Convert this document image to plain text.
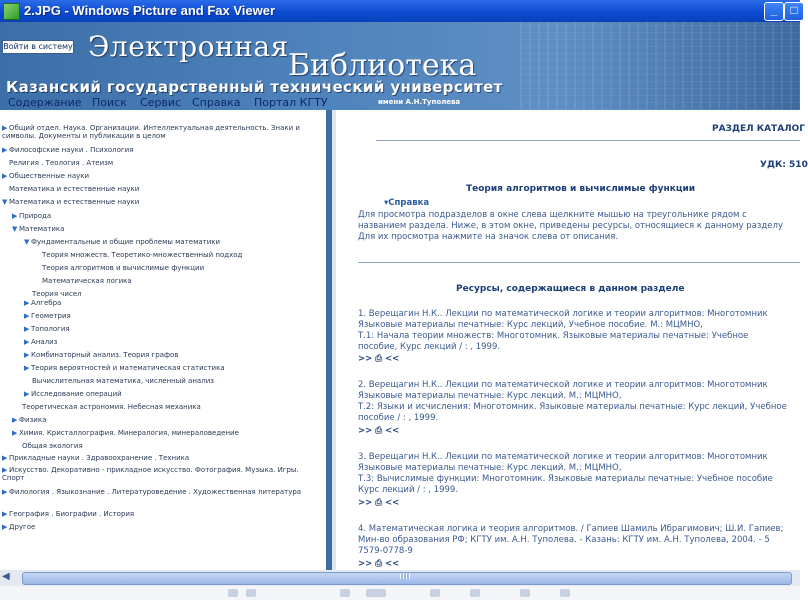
2.JPG - Windows Picture and Fax Viewer	_	□
Войти в систему Электронная
Библиотека
Казанский государственный технический университет
имени А.Н.Туполева
Содержание Поиск Сервис Справка Портал КГТУ
▶ Общий отдел. Наука. Организации. Интеллектуальная деятельность. Знаки и символы. Документы и публикации в целом
▶ Философские науки . Психология
Религия . Теология . Атеизм
▶ Общественные науки
Математика и естественные науки
▼ Математика и естественные науки
▶ Природа
▼ Математика
▼ Фундаментальные и общие проблемы математики
Теория множеств. Теоретико-множественный подход
Теория алгоритмов и вычислимые функции
Математическая логика
Теория чисел
▶ Алгебра
▶ Геометрия
▶ Топология
▶ Анализ
▶ Комбинаторный анализ. Теория графов
▶ Теория вероятностей и математическая статистика
Вычислительная математика, численный анализ
▶ Исследование операций
Теоретическая астрономия. Небесная механика
▶ Физика
▶ Химия. Кристаллография. Минералогия, минераловедение
Общая экология
▶ Прикладные науки . Здравоохранение . Техника
▶ Искусство. Декоративно - прикладное искусство. Фотография. Музыка. Игры. Спорт
▶ Филология . Языкознание . Литературоведение . Художественная литература
▶ География . Биографии . История
▶ Другое
РАЗДЕЛ КАТАЛОГ
УДК: 510
Теория алгоритмов и вычислимые функции
▾Справка
Для просмотра подразделов в окне слева щелкните мышью на треугольнике рядом с
названием раздела. Ниже, в этом окне, приведены ресурсы, относящиеся к данному разделу
Для их просмотра нажмите на значок слева от описания.
Ресурсы, содержащиеся в данном разделе
1. Верещагин Н.К.. Лекции по математической логике и теории алгоритмов: Многотомник
Языковые материалы печатные: Курс лекций, Учебное пособие. М.: МЦМНО,
Т.1: Начала теории множеств: Многотомник. Языковые материалы печатные: Учебное
пособие, Курс лекций / : , 1999.
>> ⎙ <<
2. Верещагин Н.К.. Лекции по математической логике и теории алгоритмов: Многотомник
Языковые материалы печатные: Курс лекций. М.: МЦМНО,
Т.2: Языки и исчисления: Многотомник. Языковые материалы печатные: Курс лекций, Учебное
пособие / : , 1999.
>> ⎙ <<
3. Верещагин Н.К.. Лекции по математической логике и теории алгоритмов: Многотомник
Языковые материалы печатные: Курс лекций. М.: МЦМНО,
Т.3: Вычислимые функции: Многотомник. Языковые материалы печатные: Учебное пособие
Курс лекций / : , 1999.
>> ⎙ <<
4. Математическая логика и теория алгоритмов. / Гапиев Шамиль Ибрагимович; Ш.И. Гапиев;
Мин-во образования РФ; КГТУ им. А.Н. Туполева. - Казань: КГТУ им. А.Н. Туполева, 2004. - 5
7579-0778-9
>> ⎙ <<
◀
